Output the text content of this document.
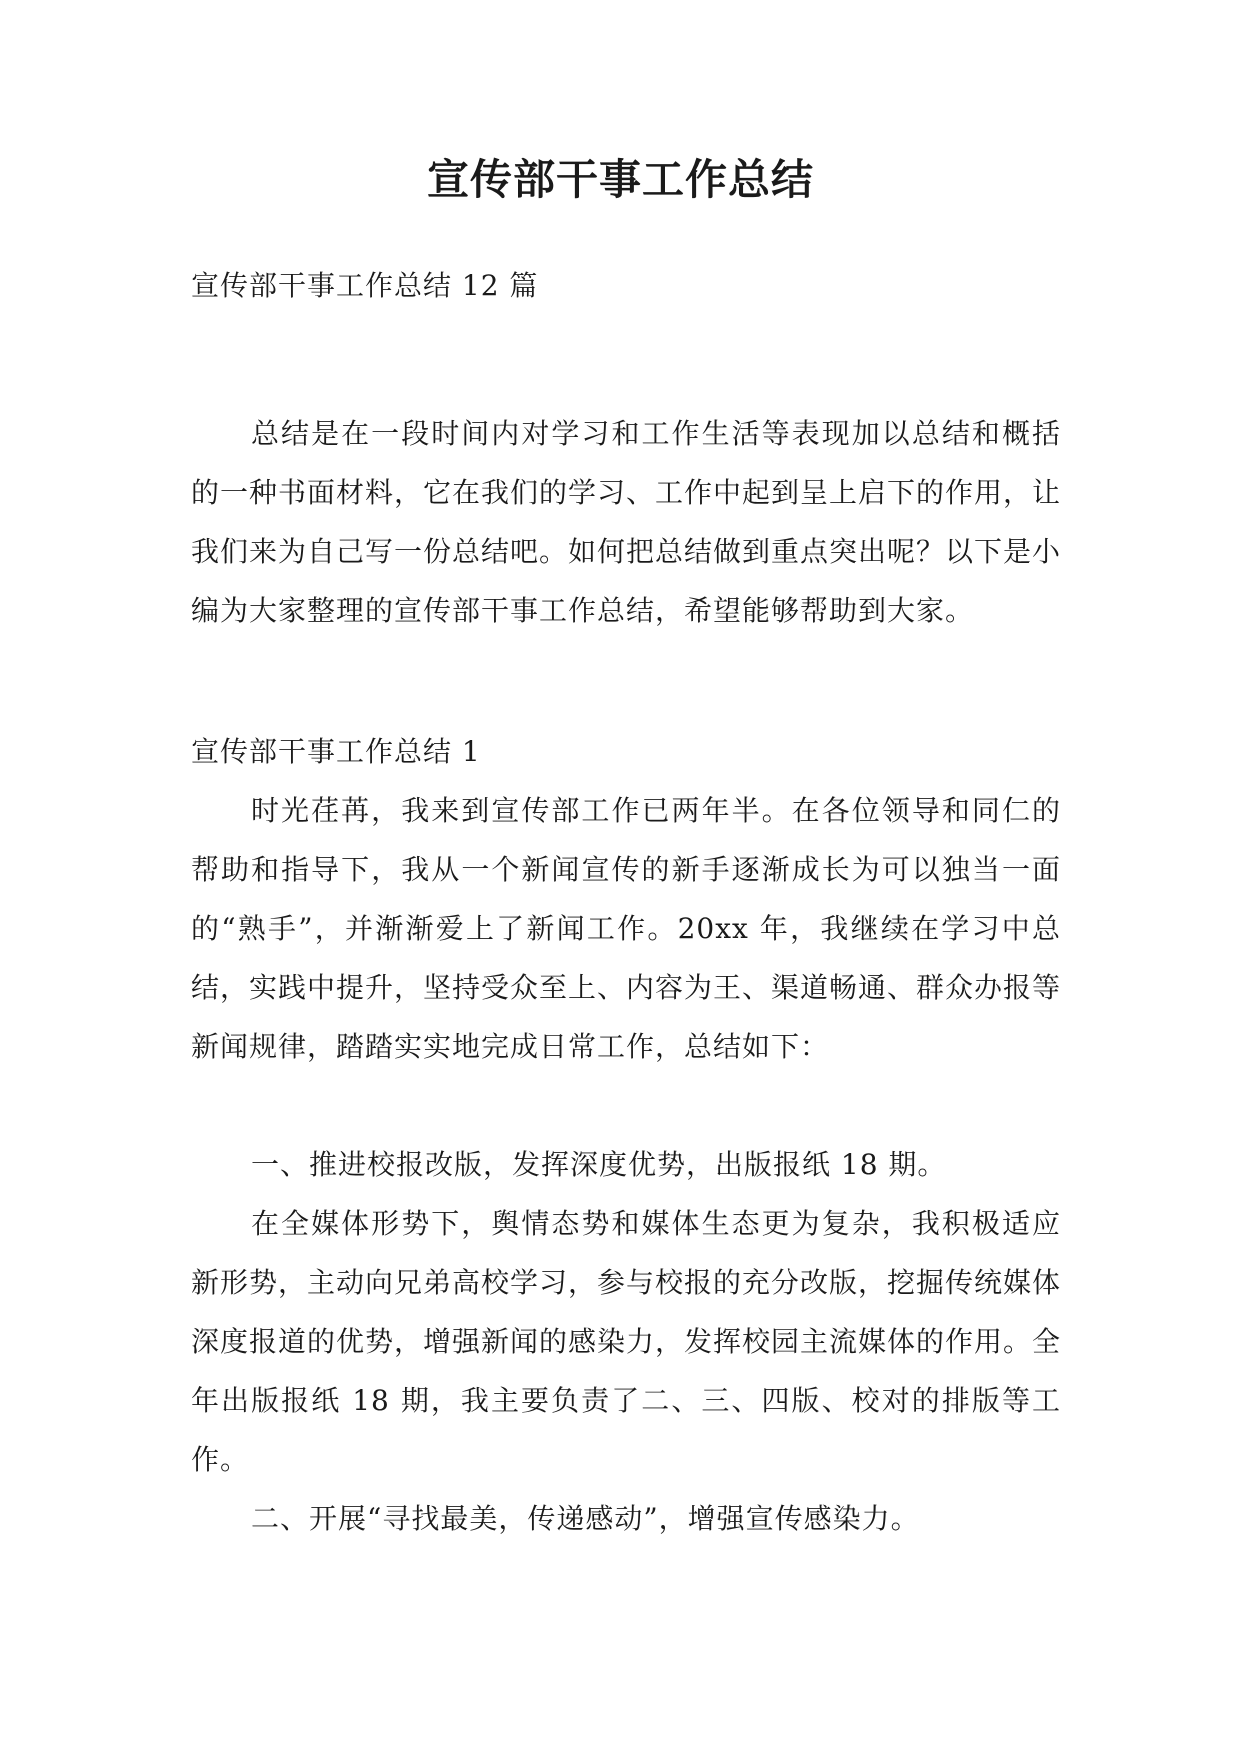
宣传部干事工作总结

宣传部干事工作总结 12 篇

总结是在一段时间内对学习和工作生活等表现加以总结和概括的一种书面材料，它在我们的学习、工作中起到呈上启下的作用，让我们来为自己写一份总结吧。如何把总结做到重点突出呢？以下是小编为大家整理的宣传部干事工作总结，希望能够帮助到大家。

宣传部干事工作总结 1

时光荏苒，我来到宣传部工作已两年半。在各位领导和同仁的帮助和指导下，我从一个新闻宣传的新手逐渐成长为可以独当一面的“熟手”，并渐渐爱上了新闻工作。20xx 年，我继续在学习中总结，实践中提升，坚持受众至上、内容为王、渠道畅通、群众办报等新闻规律，踏踏实实地完成日常工作，总结如下：

一、推进校报改版，发挥深度优势，出版报纸 18 期。

在全媒体形势下，舆情态势和媒体生态更为复杂，我积极适应新形势，主动向兄弟高校学习，参与校报的充分改版，挖掘传统媒体深度报道的优势，增强新闻的感染力，发挥校园主流媒体的作用。全年出版报纸 18 期，我主要负责了二、三、四版、校对的排版等工作。

二、开展“寻找最美，传递感动”，增强宣传感染力。
